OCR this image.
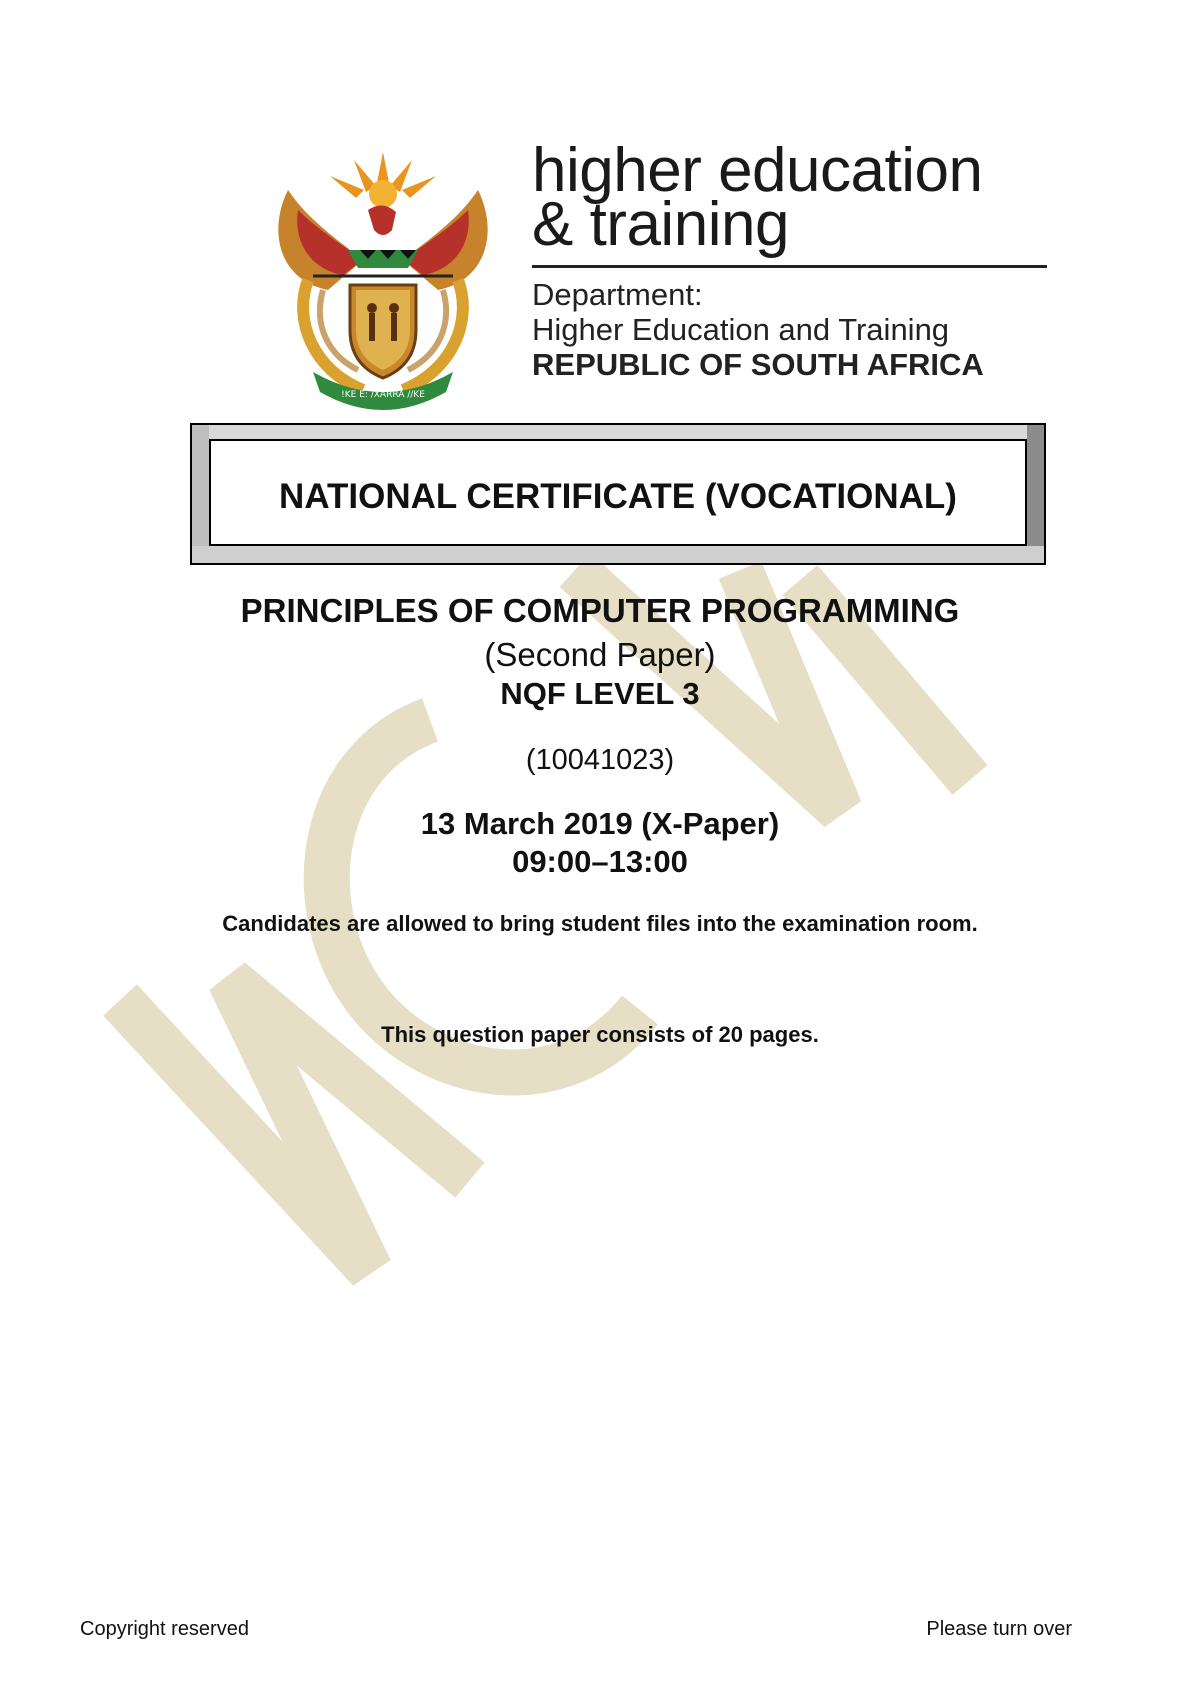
!KE E: /XARRA //KE
higher education
& training
Department:
Higher Education and Training
REPUBLIC OF SOUTH AFRICA
NATIONAL CERTIFICATE (VOCATIONAL)
PRINCIPLES OF COMPUTER PROGRAMMING
(Second Paper)
NQF LEVEL 3
(10041023)
13 March 2019 (X-Paper)
09:00–13:00
Candidates are allowed to bring student files into the examination room.
This question paper consists of 20 pages.
Copyright reserved	Please turn over
